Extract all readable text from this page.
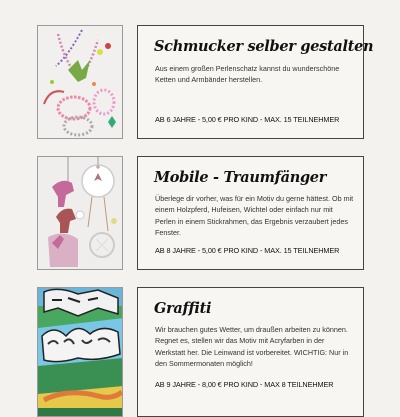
Schmucker selber gestalten
Aus einem großen Perlenschatz kannst du wunderschöne Ketten und Armbänder herstellen.
AB 6 JAHRE - 5,00 € PRO KIND - MAX. 15 TEILNEHMER
Mobile - Traumfänger
Überlege dir vorher, was für ein Motiv du gerne hättest. Ob mit einem Holzpferd, Hufeisen, Wichtel oder einfach nur mit Perlen in einem Stickrahmen, das Ergebnis verzaubert jedes Fenster.
AB 8 JAHRE - 5,00 € PRO KIND - MAX. 15 TEILNEHMER
Graffiti
Wir brauchen gutes Wetter, um draußen arbeiten zu können. Regnet es, stellen wir das Motiv mit Acryfarben in der Werkstatt her. Die Leinwand ist vorbereitet. WICHTIG: Nur in den Sommermonaten möglich!
AB 9 JAHRE - 8,00 € PRO KIND - MAX 8 TEILNEHMER
